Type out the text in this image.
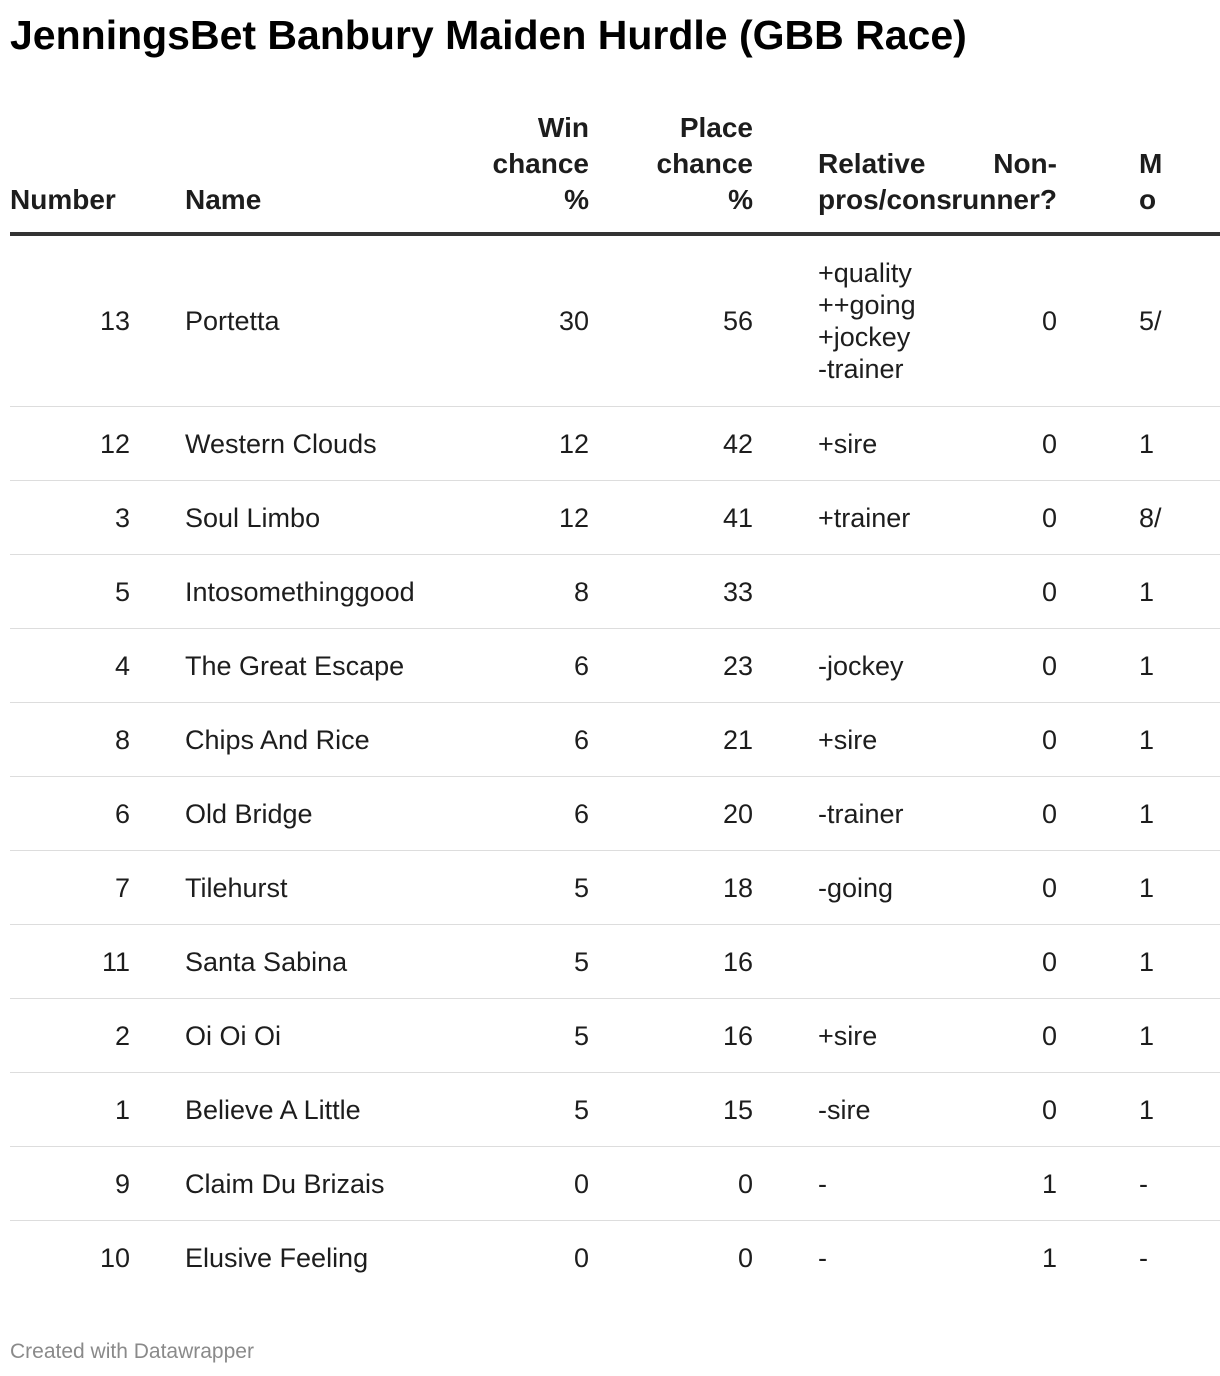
JenningsBet Banbury Maiden Hurdle (GBB Race)
Number	Name	Win
chance
%	Place
chance
%	Relative
pros/cons	Non-
runner?	M
o

13	Portetta	30	56	+quality
++going
+jockey
-trainer	0	5/
12	Western Clouds	12	42	+sire	0	1
3	Soul Limbo	12	41	+trainer	0	8/
5	Intosomethinggood	8	33		0	1
4	The Great Escape	6	23	-jockey	0	1
8	Chips And Rice	6	21	+sire	0	1
6	Old Bridge	6	20	-trainer	0	1
7	Tilehurst	5	18	-going	0	1
11	Santa Sabina	5	16		0	1
2	Oi Oi Oi	5	16	+sire	0	1
1	Believe A Little	5	15	-sire	0	1
9	Claim Du Brizais	0	0	-	1	-
10	Elusive Feeling	0	0	-	1	-
Created with Datawrapper
